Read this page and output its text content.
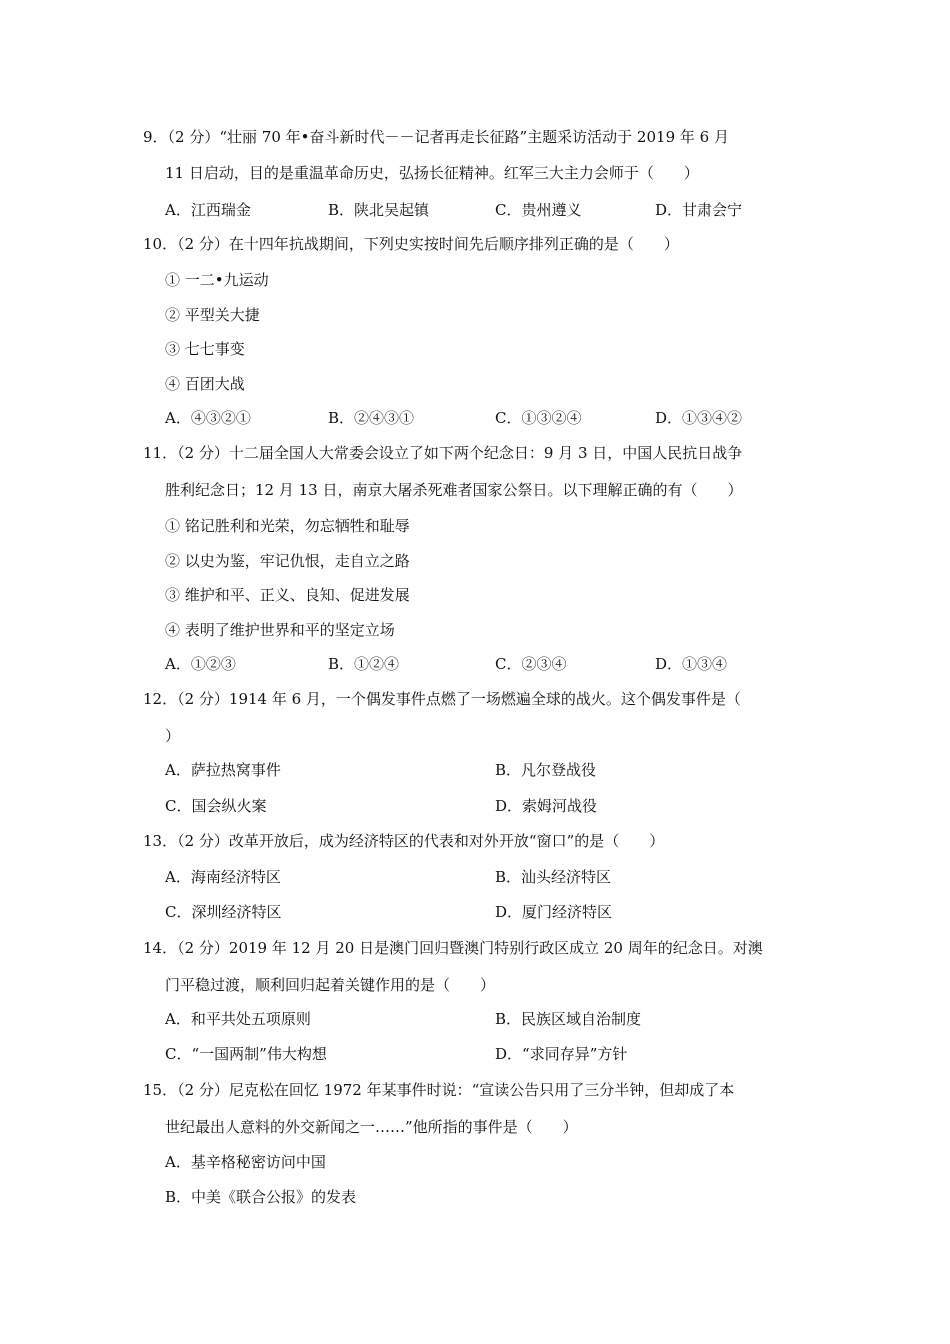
9．（2 分）“壮丽 70 年•奋斗新时代－－记者再走长征路”主题采访活动于 2019 年 6 月
11 日启动，目的是重温革命历史，弘扬长征精神。红军三大主力会师于（　　）
A．江西瑞金	B．陕北吴起镇	C．贵州遵义	D．甘肃会宁
10．（2 分）在十四年抗战期间，下列史实按时间先后顺序排列正确的是（　　）
① 一二•九运动
② 平型关大捷
③ 七七事变
④ 百团大战
A．④③②①	B．②④③①	C．①③②④	D．①③④②
11．（2 分）十二届全国人大常委会设立了如下两个纪念日：9 月 3 日，中国人民抗日战争
胜利纪念日；12 月 13 日，南京大屠杀死难者国家公祭日。以下理解正确的有（　　）
① 铭记胜利和光荣，勿忘牺牲和耻辱
② 以史为鉴，牢记仇恨，走自立之路
③ 维护和平、正义、良知、促进发展
④ 表明了维护世界和平的坚定立场
A．①②③	B．①②④	C．②③④	D．①③④
12．（2 分）1914 年 6 月，一个偶发事件点燃了一场燃遍全球的战火。这个偶发事件是（
）
A．萨拉热窝事件	B．凡尔登战役
C．国会纵火案	D．索姆河战役
13．（2 分）改革开放后，成为经济特区的代表和对外开放“窗口”的是（　　）
A．海南经济特区	B．汕头经济特区
C．深圳经济特区	D．厦门经济特区
14．（2 分）2019 年 12 月 20 日是澳门回归暨澳门特别行政区成立 20 周年的纪念日。对澳
门平稳过渡，顺利回归起着关键作用的是（　　）
A．和平共处五项原则	B．民族区域自治制度
C．“一国两制”伟大构想	D．“求同存异”方针
15．（2 分）尼克松在回忆 1972 年某事件时说：“宣读公告只用了三分半钟，但却成了本
世纪最出人意料的外交新闻之一……”他所指的事件是（　　）
A．基辛格秘密访问中国
B．中美《联合公报》的发表
